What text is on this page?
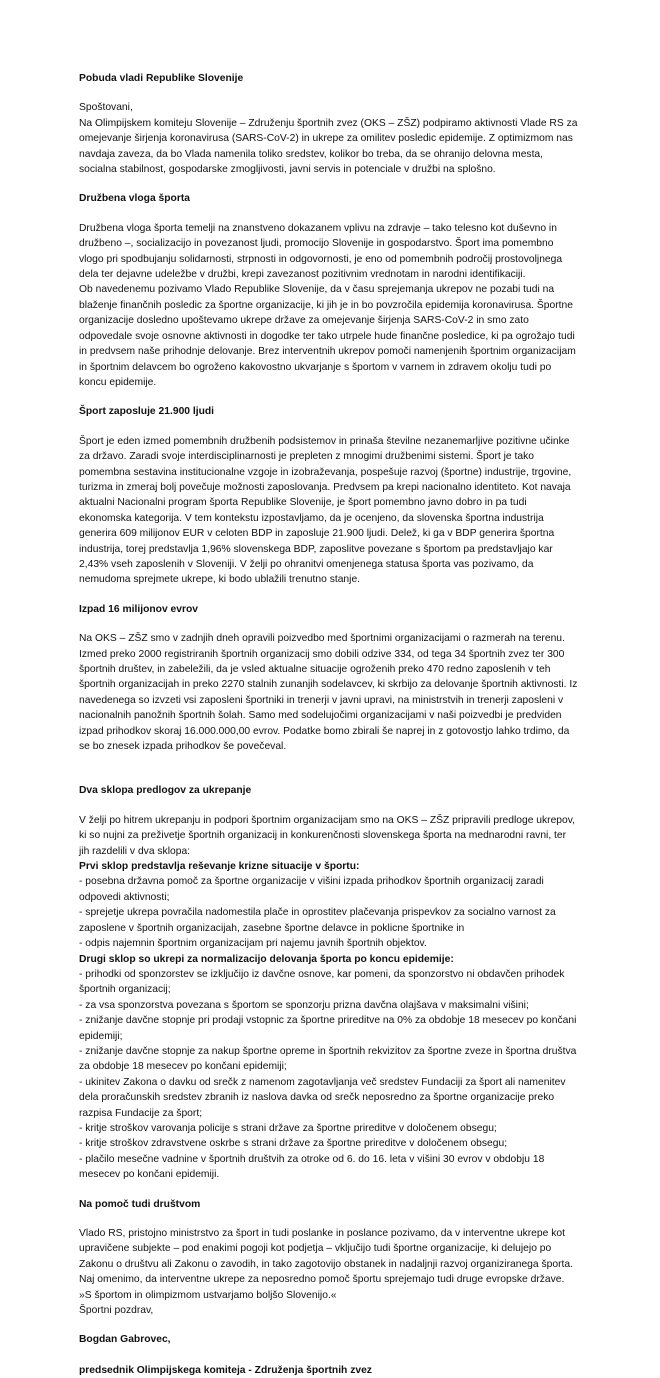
Pobuda vladi Republike Slovenije

Spoštovani,

Na Olimpijskem komiteju Slovenije – Združenju športnih zvez (OKS – ZŠZ) podpiramo aktivnosti Vlade RS za omejevanje širjenja koronavirusa (SARS-CoV-2) in ukrepe za omilitev posledic epidemije. Z optimizmom nas navdaja zaveza, da bo Vlada namenila toliko sredstev, kolikor bo treba, da se ohranijo delovna mesta, socialna stabilnost, gospodarske zmogljivosti, javni servis in potenciale v družbi na splošno.

Družbena vloga športa

Družbena vloga športa temelji na znanstveno dokazanem vplivu na zdravje – tako telesno kot duševno in družbeno –, socializacijo in povezanost ljudi, promocijo Slovenije in gospodarstvo. Šport ima pomembno vlogo pri spodbujanju solidarnosti, strpnosti in odgovornosti, je eno od pomembnih področij prostovoljnega dela ter dejavne udeležbe v družbi, krepi zavezanost pozitivnim vrednotam in narodni identifikaciji.

Ob navedenemu pozivamo Vlado Republike Slovenije, da v času sprejemanja ukrepov ne pozabi tudi na blaženje finančnih posledic za športne organizacije, ki jih je in bo povzročila epidemija koronavirusa. Športne organizacije dosledno upoštevamo ukrepe države za omejevanje širjenja SARS-CoV-2 in smo zato odpovedale svoje osnovne aktivnosti in dogodke ter tako utrpele hude finančne posledice, ki pa ogrožajo tudi in predvsem naše prihodnje delovanje. Brez interventnih ukrepov pomoči namenjenih športnim organizacijam in športnim delavcem bo ogroženo kakovostno ukvarjanje s športom v varnem in zdravem okolju tudi po koncu epidemije.

Šport zaposluje 21.900 ljudi

Šport je eden izmed pomembnih družbenih podsistemov in prinaša številne nezanemarljive pozitivne učinke za državo. Zaradi svoje interdisciplinarnosti je prepleten z mnogimi družbenimi sistemi. Šport je tako pomembna sestavina institucionalne vzgoje in izobraževanja, pospešuje razvoj (športne) industrije, trgovine, turizma in zmeraj bolj povečuje možnosti zaposlovanja. Predvsem pa krepi nacionalno identiteto. Kot navaja aktualni Nacionalni program športa Republike Slovenije, je šport pomembno javno dobro in pa tudi ekonomska kategorija. V tem kontekstu izpostavljamo, da je ocenjeno, da slovenska športna industrija generira 609 milijonov EUR v celoten BDP in zaposluje 21.900 ljudi. Delež, ki ga v BDP generira športna industrija, torej predstavlja 1,96% slovenskega BDP, zaposlitve povezane s športom pa predstavljajo kar 2,43% vseh zaposlenih v Sloveniji. V želji po ohranitvi omenjenega statusa športa vas pozivamo, da nemudoma sprejmete ukrepe, ki bodo ublažili trenutno stanje.

Izpad 16 milijonov evrov

Na OKS – ZŠZ smo v zadnjih dneh opravili poizvedbo med športnimi organizacijami o razmerah na terenu. Izmed preko 2000 registriranih športnih organizacij smo dobili odzive 334, od tega 34 športnih zvez ter 300 športnih društev, in zabeležili, da je vsled aktualne situacije ogroženih preko 470 redno zaposlenih v teh športnih organizacijah in preko 2270 stalnih zunanjih sodelavcev, ki skrbijo za delovanje športnih aktivnosti. Iz navedenega so izvzeti vsi zaposleni športniki in trenerji v javni upravi, na ministrstvih in trenerji zaposleni v nacionalnih panožnih športnih šolah. Samo med sodelujočimi organizacijami v naši poizvedbi je predviden izpad prihodkov skoraj 16.000.000,00 evrov. Podatke bomo zbirali še naprej in z gotovostjo lahko trdimo, da se bo znesek izpada prihodkov še povečeval.

Dva sklopa predlogov za ukrepanje

V želji po hitrem ukrepanju in podpori športnim organizacijam smo na OKS – ZŠZ pripravili predloge ukrepov, ki so nujni za preživetje športnih organizacij in konkurenčnosti slovenskega športa na mednarodni ravni, ter jih razdelili v dva sklopa:

Prvi sklop predstavlja reševanje krizne situacije v športu:

- posebna državna pomoč za športne organizacije v višini izpada prihodkov športnih organizacij zaradi odpovedi aktivnosti;

- sprejetje ukrepa povračila nadomestila plače in oprostitev plačevanja prispevkov za socialno varnost za zaposlene v športnih organizacijah, zasebne športne delavce in poklicne športnike in

- odpis najemnin športnim organizacijam pri najemu javnih športnih objektov.

Drugi sklop so ukrepi za normalizacijo delovanja športa po koncu epidemije:

- prihodki od sponzorstev se izključijo iz davčne osnove, kar pomeni, da sponzorstvo ni obdavčen prihodek športnih organizacij;

- za vsa sponzorstva povezana s športom se sponzorju prizna davčna olajšava v maksimalni višini;

- znižanje davčne stopnje pri prodaji vstopnic za športne prireditve na 0% za obdobje 18 mesecev po končani epidemiji;

- znižanje davčne stopnje za nakup športne opreme in športnih rekvizitov za športne zveze in športna društva za obdobje 18 mesecev po končani epidemiji;

- ukinitev Zakona o davku od srečk z namenom zagotavljanja več sredstev Fundaciji za šport ali namenitev dela proračunskih sredstev zbranih iz naslova davka od srečk neposredno za športne organizacije preko razpisa Fundacije za šport;

- kritje stroškov varovanja policije s strani države za športne prireditve v določenem obsegu;

- kritje stroškov zdravstvene oskrbe s strani države za športne prireditve v določenem obsegu;

- plačilo mesečne vadnine v športnih društvih za otroke od 6. do 16. leta v višini 30 evrov v obdobju 18 mesecev po končani epidemiji.

Na pomoč tudi društvom

Vlado RS, pristojno ministrstvo za šport in tudi poslanke in poslance pozivamo, da v interventne ukrepe kot upravičene subjekte – pod enakimi pogoji kot podjetja – vključijo tudi športne organizacije, ki delujejo po Zakonu o društvu ali Zakonu o zavodih, in tako zagotovijo obstanek in nadaljnji razvoj organiziranega športa. Naj omenimo, da interventne ukrepe za neposredno pomoč športu sprejemajo tudi druge evropske države.

»S športom in olimpizmom ustvarjamo boljšo Slovenijo.«

Športni pozdrav,

Bogdan Gabrovec,

predsednik Olimpijskega komiteja - Združenja športnih zvez
